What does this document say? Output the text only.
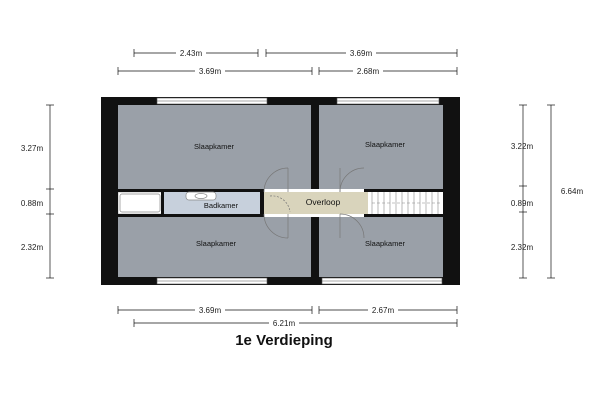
Slaapkamer	Slaapkamer
Slaapkamer	Slaapkamer
Badkamer	Overloop
2.43m	3.69m
3.69m	2.68m
3.27m
0.88m
2.32m
3.22m
0.89m
2.32m
6.64m
3.69m	2.67m
6.21m
1e Verdieping
